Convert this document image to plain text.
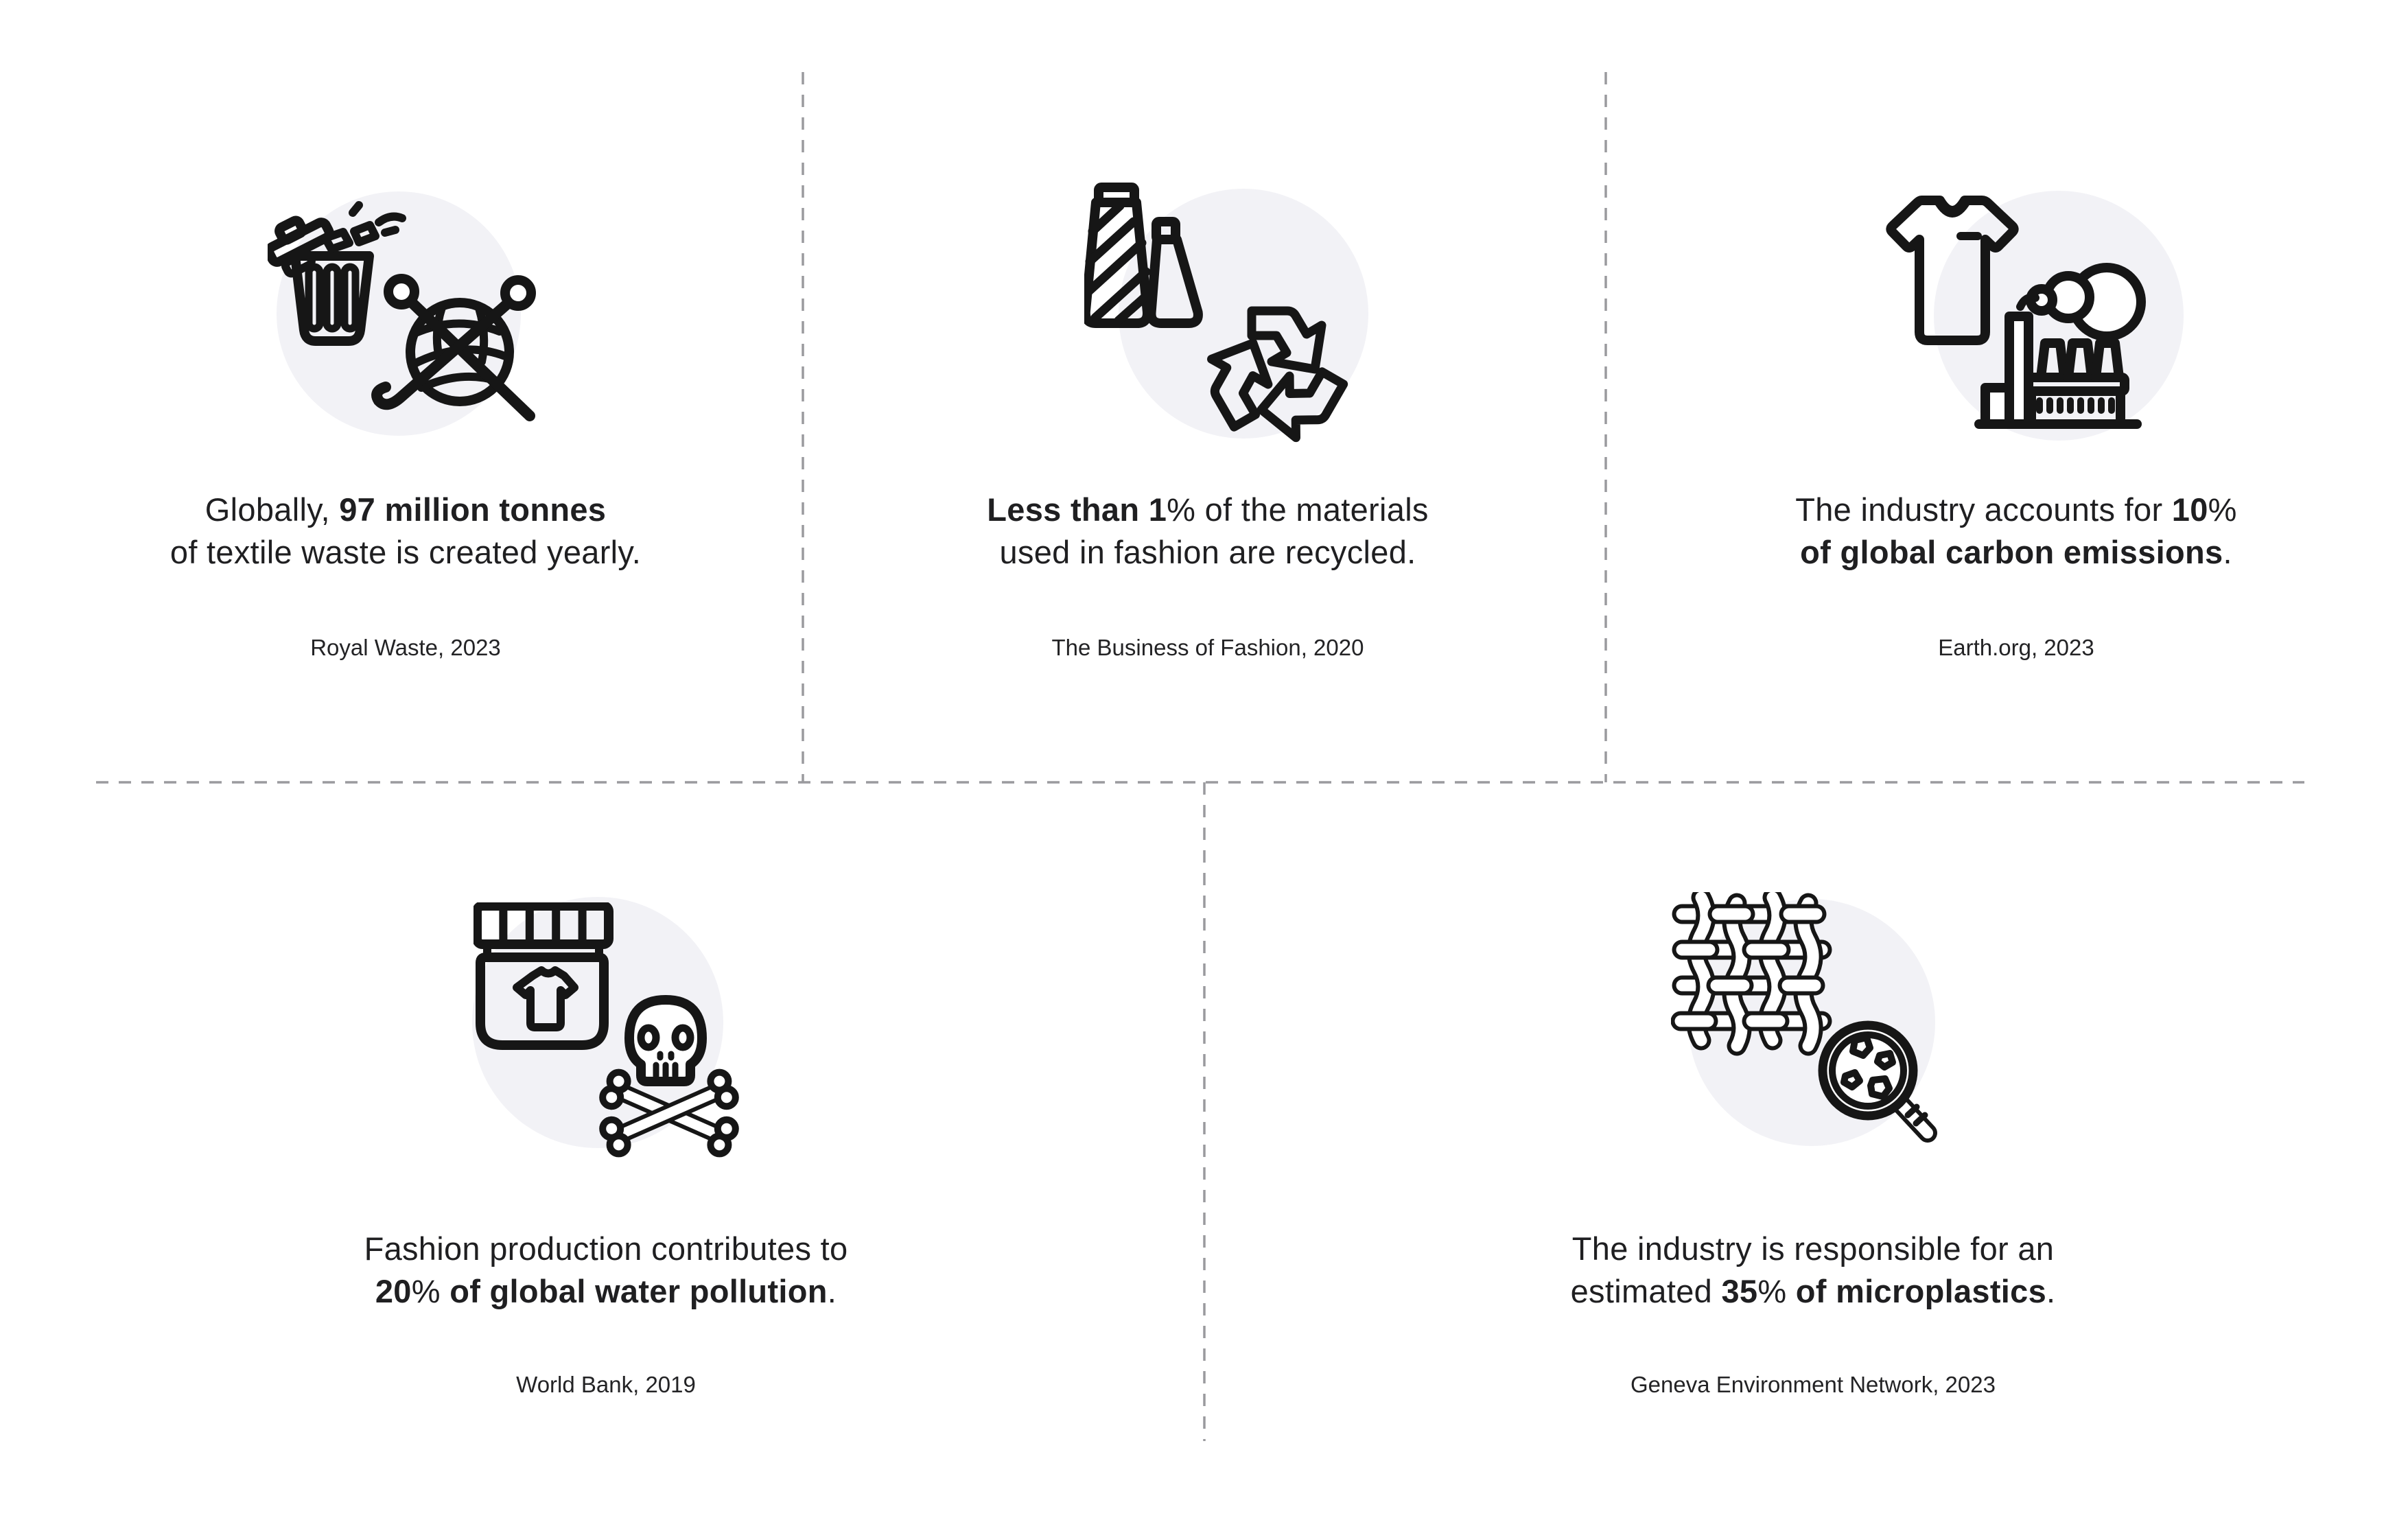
Globally, 97 million tonnes
of textile waste is created yearly.
Royal Waste, 2023
Less than 1% of the materials
used in fashion are recycled.
The Business of Fashion, 2020
The industry accounts for 10%
of global carbon emissions.
Earth.org, 2023
Fashion production contributes to
20% of global water pollution.
World Bank, 2019
The industry is responsible for an
estimated 35% of microplastics.
Geneva Environment Network, 2023
